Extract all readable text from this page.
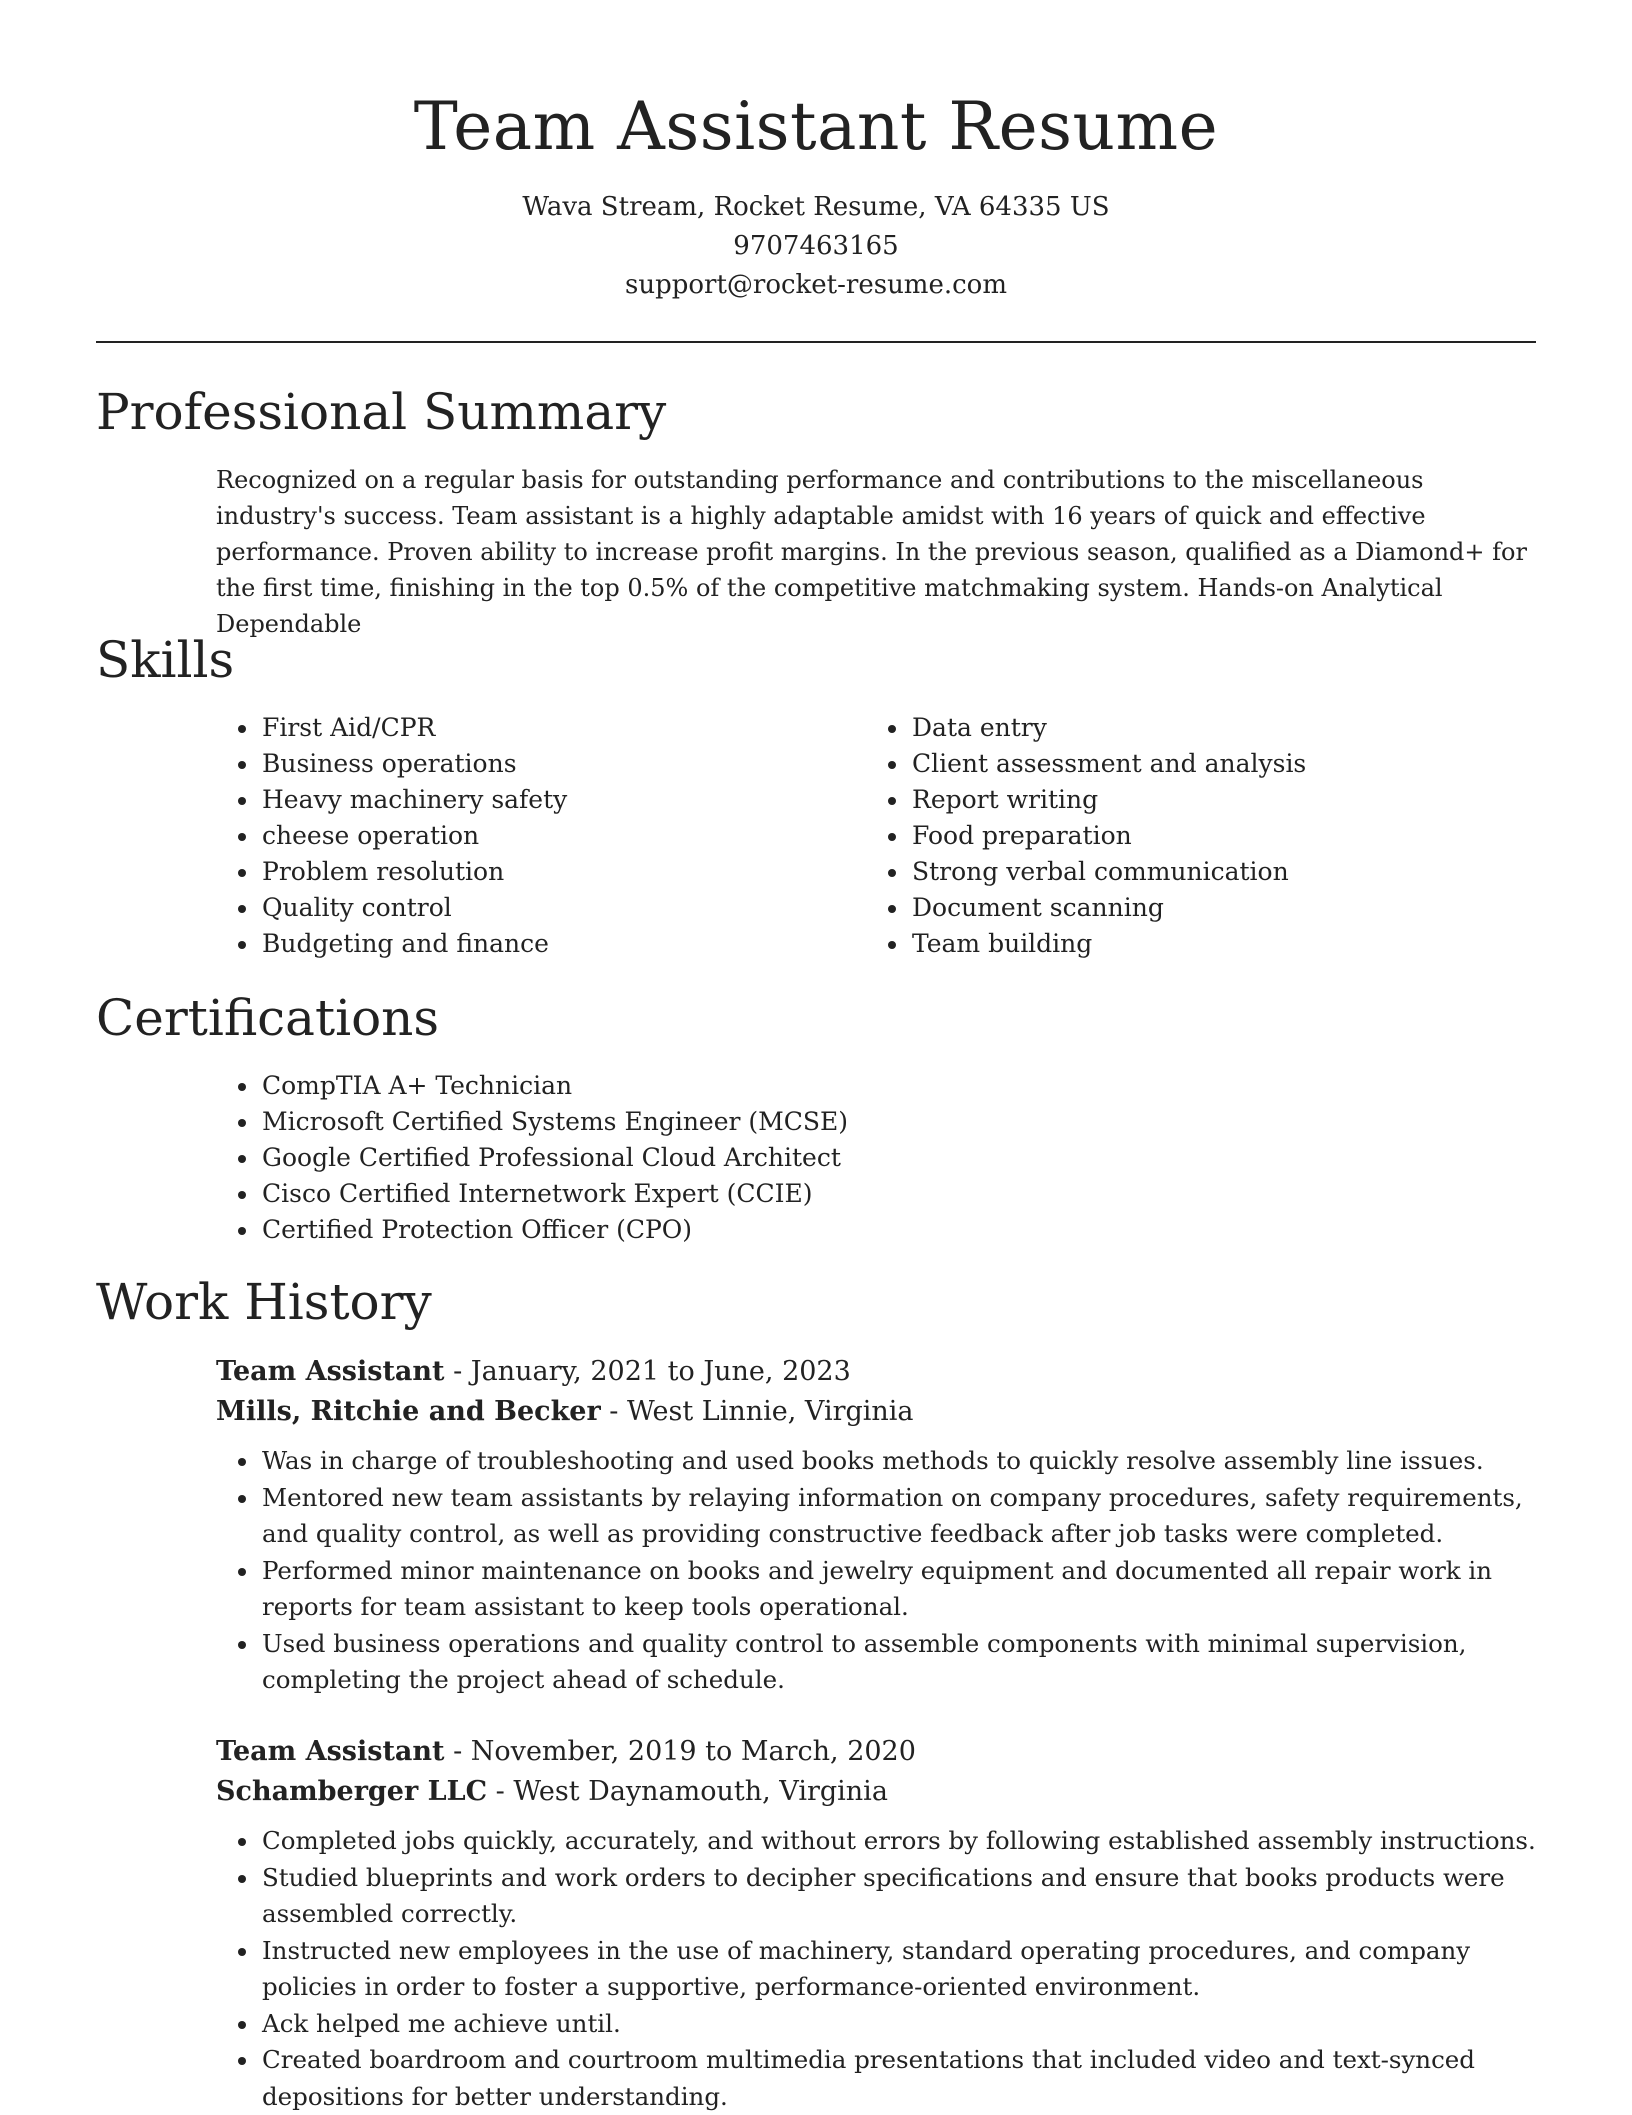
Team Assistant Resume
Wava Stream, Rocket Resume, VA 64335 US
9707463165
support@rocket-resume.com
Professional Summary

Recognized on a regular basis for outstanding performance and contributions to the miscellaneous industry's success. Team assistant is a highly adaptable amidst with 16 years of quick and effective performance. Proven ability to increase profit margins. In the previous season, qualified as a Diamond+ for the first time, finishing in the top 0.5% of the competitive matchmaking system. Hands-on Analytical Dependable

Skills
• First Aid/CPR
• Business operations
• Heavy machinery safety
• cheese operation
• Problem resolution
• Quality control
• Budgeting and finance
• Data entry
• Client assessment and analysis
• Report writing
• Food preparation
• Strong verbal communication
• Document scanning
• Team building
Certifications
• CompTIA A+ Technician
• Microsoft Certified Systems Engineer (MCSE)
• Google Certified Professional Cloud Architect
• Cisco Certified Internetwork Expert (CCIE)
• Certified Protection Officer (CPO)
Work History

Team Assistant - January, 2021 to June, 2023

Mills, Ritchie and Becker - West Linnie, Virginia

• Was in charge of troubleshooting and used books methods to quickly resolve assembly line issues.
• Mentored new team assistants by relaying information on company procedures, safety requirements, and quality control, as well as providing constructive feedback after job tasks were completed.
• Performed minor maintenance on books and jewelry equipment and documented all repair work in reports for team assistant to keep tools operational.
• Used business operations and quality control to assemble components with minimal supervision, completing the project ahead of schedule.

Team Assistant - November, 2019 to March, 2020

Schamberger LLC - West Daynamouth, Virginia

• Completed jobs quickly, accurately, and without errors by following established assembly instructions.
• Studied blueprints and work orders to decipher specifications and ensure that books products were assembled correctly.
• Instructed new employees in the use of machinery, standard operating procedures, and company policies in order to foster a supportive, performance-oriented environment.
• Ack helped me achieve until.
• Created boardroom and courtroom multimedia presentations that included video and text-synced depositions for better understanding.
